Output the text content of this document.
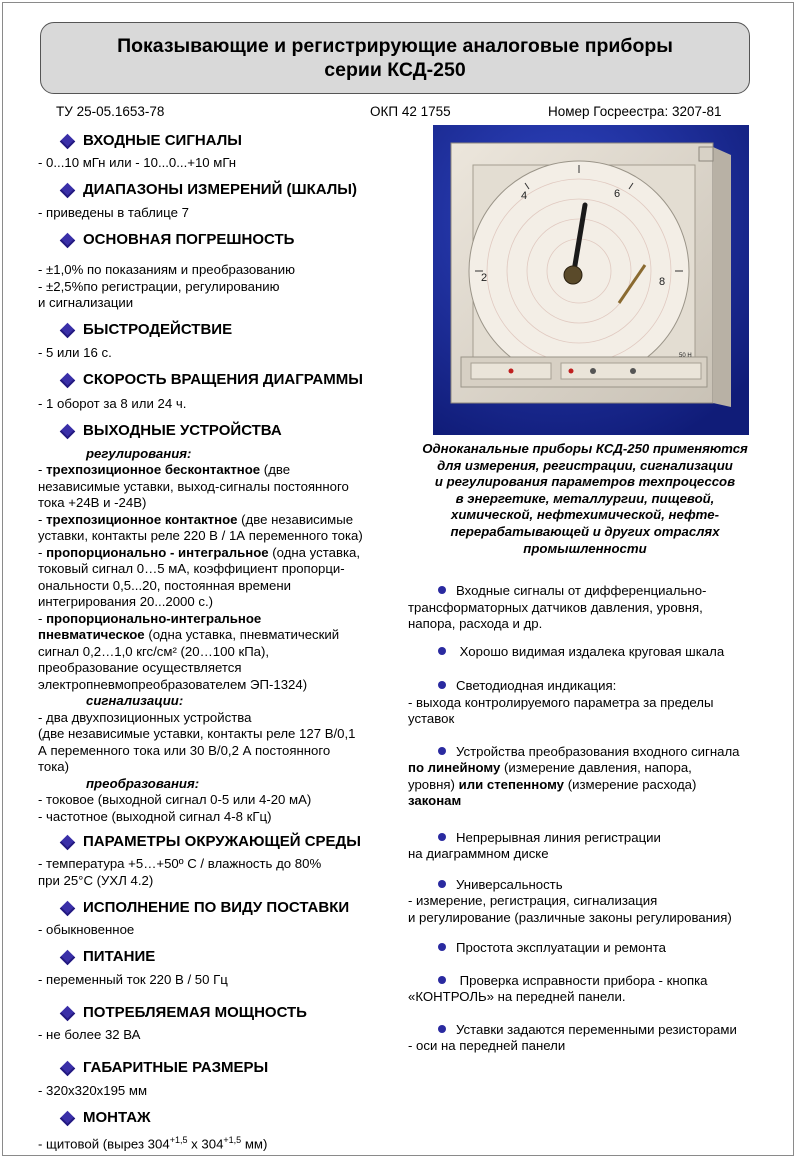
Показывающие и регистрирующие аналоговые приборы
серии КСД-250
ТУ 25-05.1653-78	ОКП 42 1755	Номер Госреестра: 3207-81
ВХОДНЫЕ СИГНАЛЫ
- 0...10 мГн или - 10...0...+10 мГн
ДИАПАЗОНЫ ИЗМЕРЕНИЙ (ШКАЛЫ)
- приведены в таблице 7
ОСНОВНАЯ ПОГРЕШНОСТЬ
- ±1,0% по показаниям и преобразованию
- ±2,5%по регистрации, регулированию
и сигнализации
БЫСТРОДЕЙСТВИЕ
- 5 или 16 с.
СКОРОСТЬ ВРАЩЕНИЯ ДИАГРАММЫ
- 1 оборот за 8 или 24 ч.
ВЫХОДНЫЕ УСТРОЙСТВА
регулирования:
- трехпозиционное бесконтактное (две
независимые уставки, выход-сигналы постоянного
тока +24В и -24В)
- трехпозиционное контактное (две независимые
уставки, контакты реле 220 В / 1А переменного тока)
- пропорционально - интегральное (одна уставка,
токовый сигнал 0…5 мА, коэффициент пропорци-
ональности 0,5...20, постоянная времени
интегрирования 20...2000 с.)
- пропорционально-интегральное
пневматическое (одна уставка, пневматический
сигнал 0,2…1,0 кгс/см² (20…100 кПа),
преобразование осуществляется
электропневмопреобразователем ЭП-1324)
сигнализации:
- два двухпозиционных устройства
(две независимые уставки, контакты реле 127 В/0,1
А переменного тока или 30 В/0,2 А постоянного
тока)
преобразования:
- токовое (выходной сигнал 0-5 или 4-20 мА)
- частотное (выходной сигнал 4-8 кГц)
ПАРАМЕТРЫ ОКРУЖАЮЩЕЙ СРЕДЫ
- температура +5…+50º С / влажность до 80%
при 25°С (УХЛ 4.2)
ИСПОЛНЕНИЕ ПО ВИДУ ПОСТАВКИ
- обыкновенное
ПИТАНИЕ
- переменный ток 220 В / 50 Гц
ПОТРЕБЛЯЕМАЯ МОЩНОСТЬ
- не более 32 ВА
ГАБАРИТНЫЕ РАЗМЕРЫ
- 320x320x195 мм
МОНТАЖ
- щитовой (вырез $304^{+1,5}$ х $304^{+1,5}$ мм)
4	6
2	8
50 Н
Одноканальные приборы КСД-250 применяются
для измерения, регистрации, сигнализации
и регулирования параметров техпроцессов
в энергетике, металлургии, пищевой,
химической, нефтехимической, нефте-
перерабатывающей и других отраслях
промышленности
Входные сигналы от дифференциально-
трансформаторных датчиков давления, уровня,
напора, расхода и др.
Хорошо видимая издалека круговая шкала
Светодиодная индикация:
- выхода контролируемого параметра за пределы
уставок
Устройства преобразования входного сигнала
по линейному (измерение давления, напора,
уровня) или степенному (измерение расхода)
законам
Непрерывная линия регистрации
на диаграммном диске
Универсальность
- измерение, регистрация, сигнализация
и регулирование (различные законы регулирования)
Простота эксплуатации и ремонта
Проверка исправности прибора - кнопка
«КОНТРОЛЬ» на передней панели.
Уставки задаются переменными резисторами
- оси на передней панели
